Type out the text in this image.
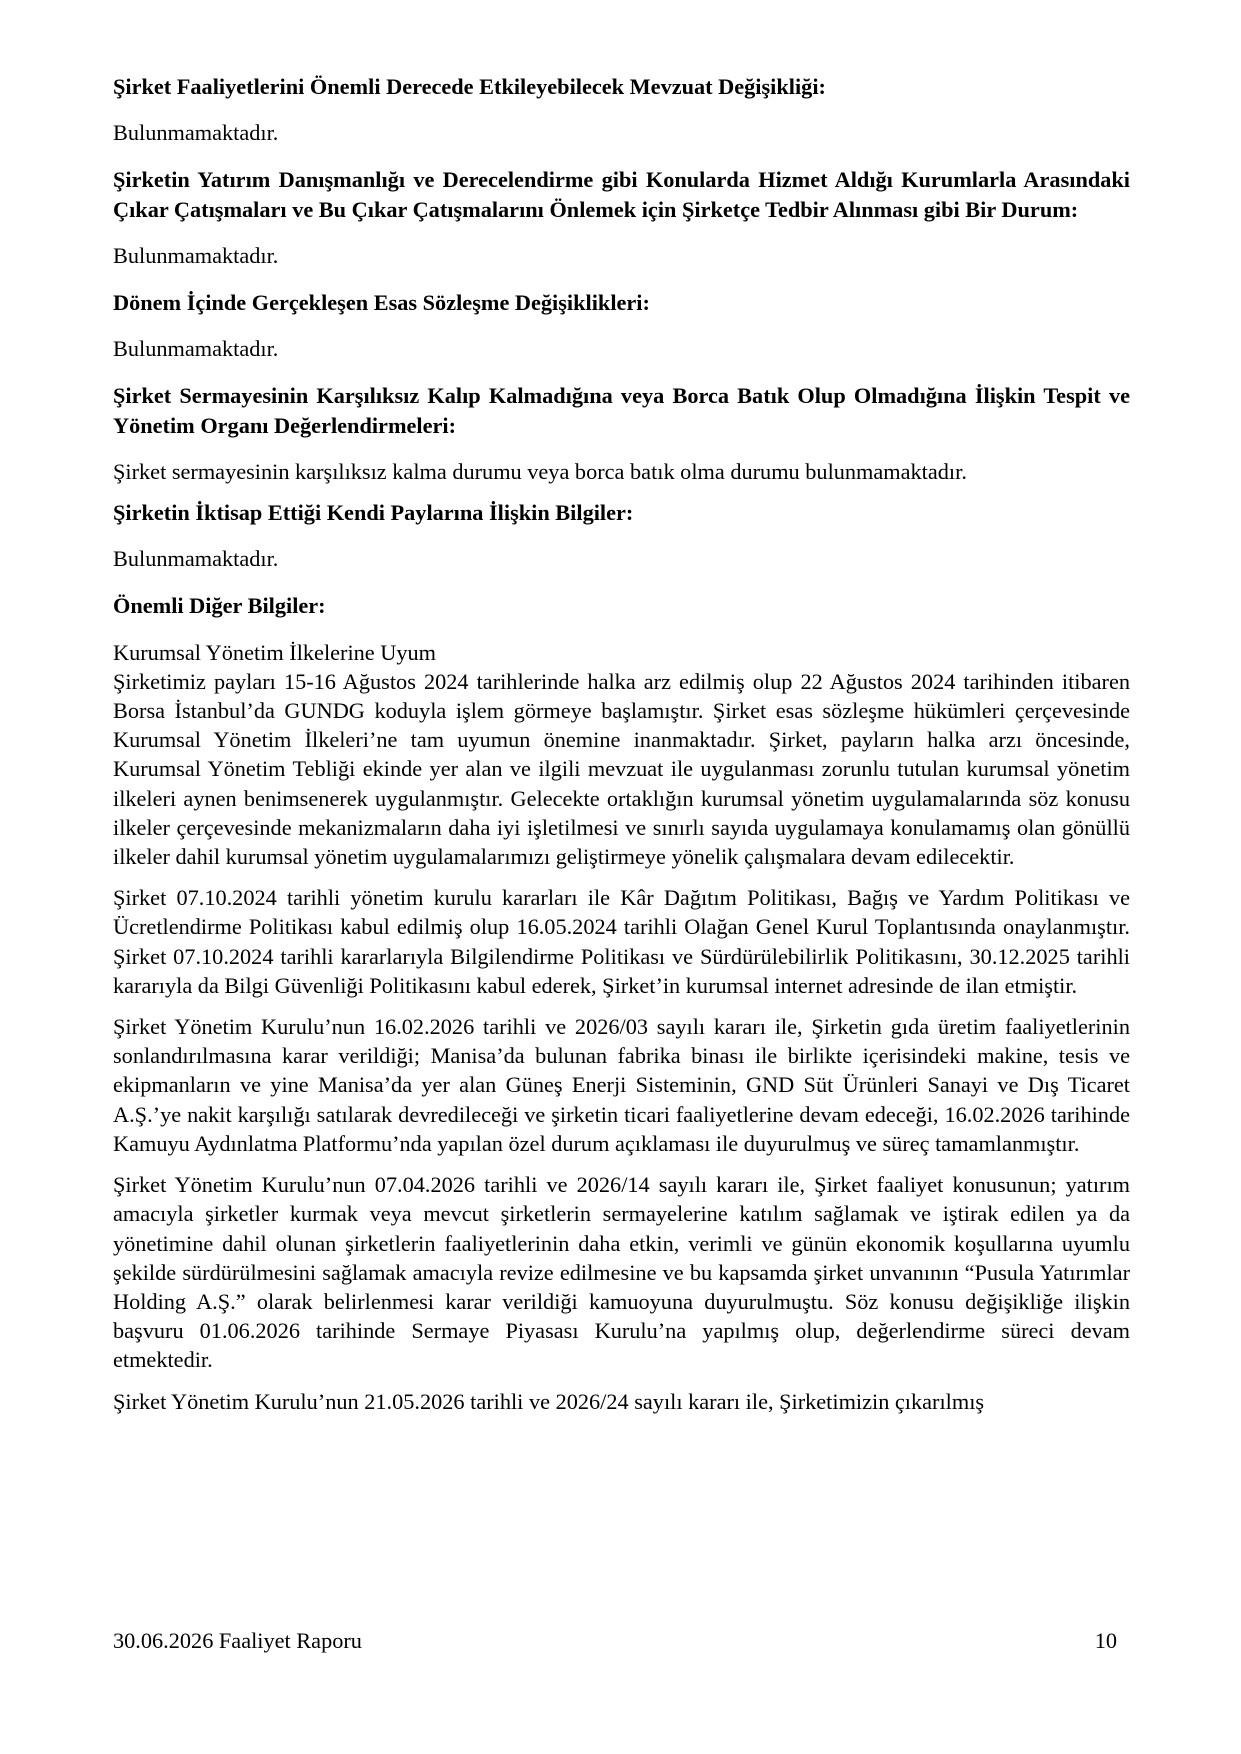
Şirket Faaliyetlerini Önemli Derecede Etkileyebilecek Mevzuat Değişikliği:

Bulunmamaktadır.

Şirketin Yatırım Danışmanlığı ve Derecelendirme gibi Konularda Hizmet Aldığı Kurumlarla Arasındaki Çıkar Çatışmaları ve Bu Çıkar Çatışmalarını Önlemek için Şirketçe Tedbir Alınması gibi Bir Durum:

Bulunmamaktadır.

Dönem İçinde Gerçekleşen Esas Sözleşme Değişiklikleri:

Bulunmamaktadır.

Şirket Sermayesinin Karşılıksız Kalıp Kalmadığına veya Borca Batık Olup Olmadığına İlişkin Tespit ve Yönetim Organı Değerlendirmeleri:

Şirket sermayesinin karşılıksız kalma durumu veya borca batık olma durumu bulunmamaktadır.

Şirketin İktisap Ettiği Kendi Paylarına İlişkin Bilgiler:

Bulunmamaktadır.

Önemli Diğer Bilgiler:

Kurumsal Yönetim İlkelerine Uyum

Şirketimiz payları 15-16 Ağustos 2024 tarihlerinde halka arz edilmiş olup 22 Ağustos 2024 tarihinden itibaren Borsa İstanbul’da GUNDG koduyla işlem görmeye başlamıştır. Şirket esas sözleşme hükümleri çerçevesinde Kurumsal Yönetim İlkeleri’ne tam uyumun önemine inanmaktadır. Şirket, payların halka arzı öncesinde, Kurumsal Yönetim Tebliği ekinde yer alan ve ilgili mevzuat ile uygulanması zorunlu tutulan kurumsal yönetim ilkeleri aynen benimsenerek uygulanmıştır. Gelecekte ortaklığın kurumsal yönetim uygulamalarında söz konusu ilkeler çerçevesinde mekanizmaların daha iyi işletilmesi ve sınırlı sayıda uygulamaya konulamamış olan gönüllü ilkeler dahil kurumsal yönetim uygulamalarımızı geliştirmeye yönelik çalışmalara devam edilecektir.

Şirket 07.10.2024 tarihli yönetim kurulu kararları ile Kâr Dağıtım Politikası, Bağış ve Yardım Politikası ve Ücretlendirme Politikası kabul edilmiş olup 16.05.2024 tarihli Olağan Genel Kurul Toplantısında onaylanmıştır. Şirket 07.10.2024 tarihli kararlarıyla Bilgilendirme Politikası ve Sürdürülebilirlik Politikasını, 30.12.2025 tarihli kararıyla da Bilgi Güvenliği Politikasını kabul ederek, Şirket’in kurumsal internet adresinde de ilan etmiştir.

Şirket Yönetim Kurulu’nun 16.02.2026 tarihli ve 2026/03 sayılı kararı ile, Şirketin gıda üretim faaliyetlerinin sonlandırılmasına karar verildiği; Manisa’da bulunan fabrika binası ile birlikte içerisindeki makine, tesis ve ekipmanların ve yine Manisa’da yer alan Güneş Enerji Sisteminin, GND Süt Ürünleri Sanayi ve Dış Ticaret A.Ş.’ye nakit karşılığı satılarak devredileceği ve şirketin ticari faaliyetlerine devam edeceği, 16.02.2026 tarihinde Kamuyu Aydınlatma Platformu’nda yapılan özel durum açıklaması ile duyurulmuş ve süreç tamamlanmıştır.

Şirket Yönetim Kurulu’nun 07.04.2026 tarihli ve 2026/14 sayılı kararı ile, Şirket faaliyet konusunun; yatırım amacıyla şirketler kurmak veya mevcut şirketlerin sermayelerine katılım sağlamak ve iştirak edilen ya da yönetimine dahil olunan şirketlerin faaliyetlerinin daha etkin, verimli ve günün ekonomik koşullarına uyumlu şekilde sürdürülmesini sağlamak amacıyla revize edilmesine ve bu kapsamda şirket unvanının “Pusula Yatırımlar Holding A.Ş.” olarak belirlenmesi karar verildiği kamuoyuna duyurulmuştu. Söz konusu değişikliğe ilişkin başvuru 01.06.2026 tarihinde Sermaye Piyasası Kurulu’na yapılmış olup, değerlendirme süreci devam etmektedir.

Şirket Yönetim Kurulu’nun 21.05.2026 tarihli ve 2026/24 sayılı kararı ile, Şirketimizin çıkarılmış

30.06.2026 Faaliyet Raporu	10
